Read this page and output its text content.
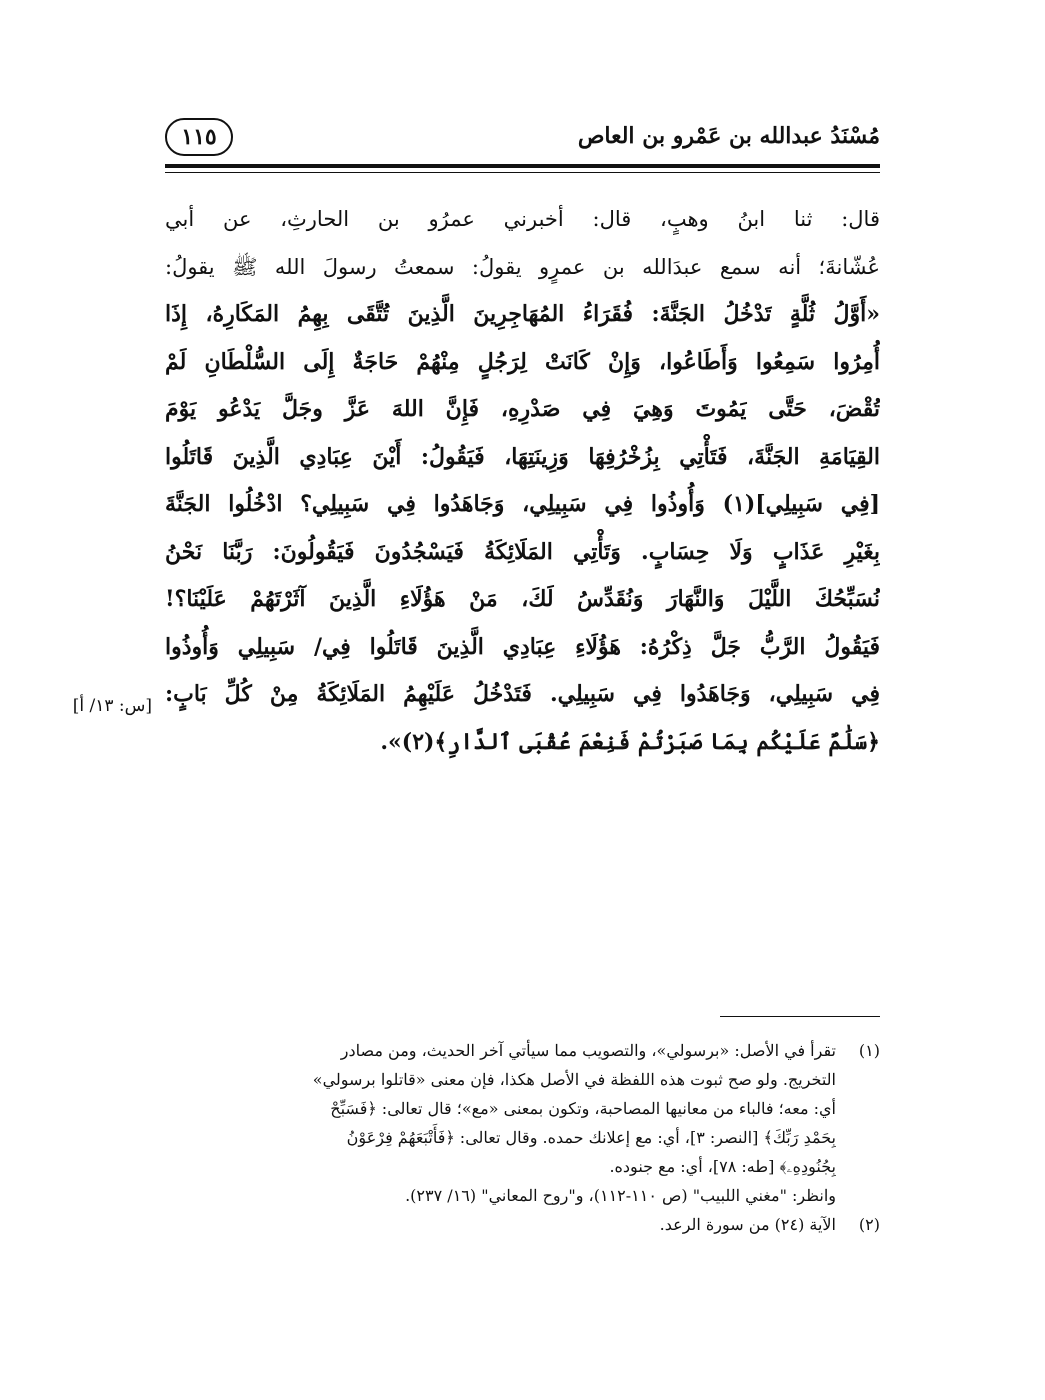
مُسْنَدُ عبدالله بن عَمْرو بن العاص
١١٥
قال: ثنا ابنُ وهبٍ، قال: أخبرني عمرُو بن الحارثِ، عن أبي
عُشّانةَ؛ أنه سمع عبدَالله بن عمرٍو يقولُ: سمعتُ رسولَ الله ﷺ يقولُ:
«أَوَّلُ ثُلَّةٍ تَدْخُلُ الجَنَّةَ: فُقَرَاءُ المُهَاجِرِينَ الَّذِينَ تُتَّقَى بِهِمُ المَكَارِهُ، إِذَا
أُمِرُوا سَمِعُوا وَأَطَاعُوا، وَإِنْ كَانَتْ لِرَجُلٍ مِنْهُمْ حَاجَةٌ إِلَى السُّلْطَانِ لَمْ
تُقْضَ، حَتَّى يَمُوتَ وَهِيَ فِي صَدْرِهِ، فَإِنَّ اللهَ عَزَّ وجَلَّ يَدْعُو يَوْمَ
القِيَامَةِ الجَنَّةَ، فَتَأْتِي بِزُخْرُفِهَا وَزِينَتِهَا، فَيَقُولُ: أَيْنَ عِبَادِي الَّذِينَ قَاتَلُوا
[فِي سَبِيلِي](١) وَأُوذُوا فِي سَبِيلِي، وَجَاهَدُوا فِي سَبِيلِي؟ ادْخُلُوا الجَنَّةَ
بِغَيْرِ عَذَابٍ وَلَا حِسَابٍ. وَتَأْتِي المَلَائِكَةُ فَيَسْجُدُونَ فَيَقُولُونَ: رَبَّنَا نَحْنُ
نُسَبِّحُكَ اللَّيْلَ وَالنَّهَارَ وَنُقَدِّسُ لَكَ، مَنْ هَؤُلَاءِ الَّذِينَ آثَرْتَهُمْ عَلَيْنَا؟!
فَيَقُولُ الرَّبُّ جَلَّ ذِكْرُهُ: هَؤُلَاءِ عِبَادِي الَّذِينَ قَاتَلُوا فِي/ سَبِيلِي وَأُوذُوا
فِي سَبِيلِي، وَجَاهَدُوا فِي سَبِيلِي. فَتَدْخُلُ عَلَيْهِمُ المَلَائِكَةُ مِنْ كُلِّ بَابٍ:
﴿سَلَٰمٌ عَلَيْكُم بِمَا صَبَرْتُمْ فَنِعْمَ عُقْبَى ٱلدَّارِ﴾(٢)».
[س: ١٣/ أ]
(١)
تقرأ في الأصل: «برسولي»، والتصويب مما سيأتي آخر الحديث، ومن مصادر
التخريج. ولو صح ثبوت هذه اللفظة في الأصل هكذا، فإن معنى «قاتلوا برسولي»
أي: معه؛ فالباء من معانيها المصاحبة، وتكون بمعنى «مع»؛ قال تعالى: ﴿فَسَبِّحْ
بِحَمْدِ رَبِّكَ﴾ [النصر: ٣]، أي: مع إعلانك حمده. وقال تعالى: ﴿فَأَتْبَعَهُمْ فِرْعَوْنُ
بِجُنُودِهِۦ﴾ [طه: ٧٨]، أي: مع جنوده.
وانظر: "مغني اللبيب" (ص ١١٠-١١٢)، و"روح المعاني" (١٦/ ٢٣٧).
(٢)
الآية (٢٤) من سورة الرعد.
